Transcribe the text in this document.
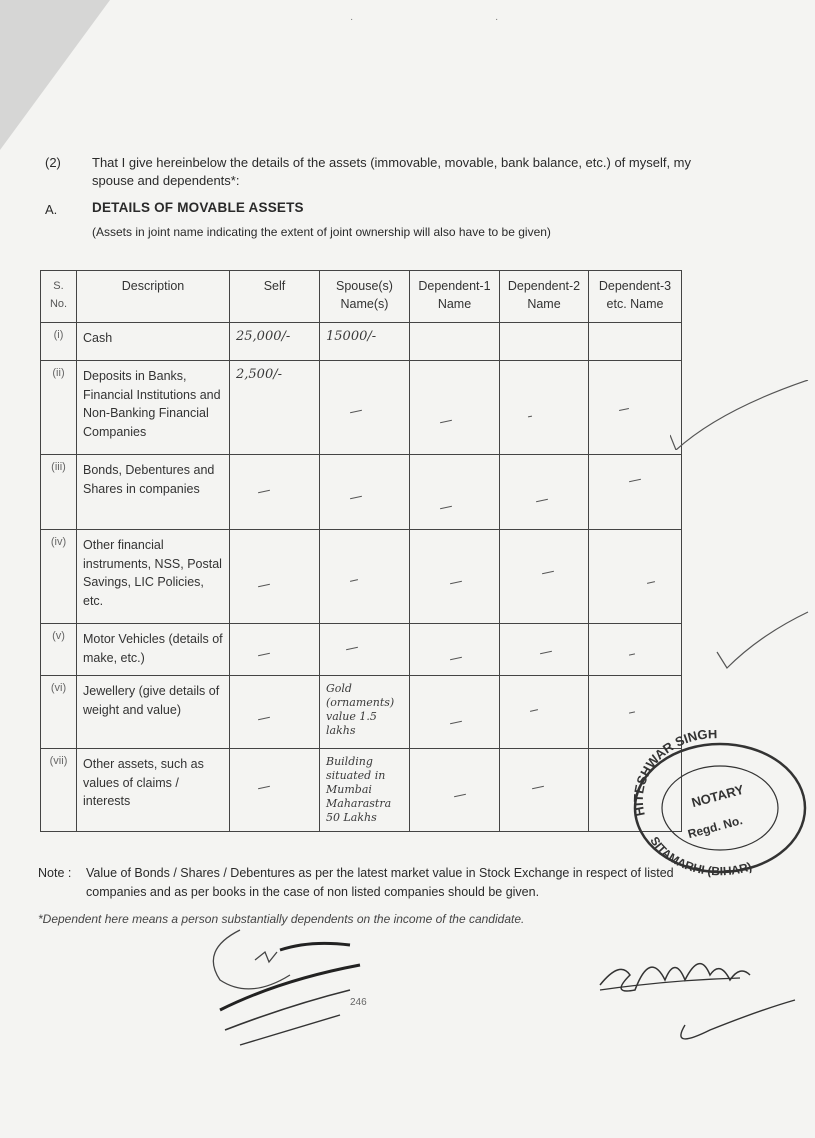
·                                                   ·
(2) That I give hereinbelow the details of the assets (immovable, movable, bank balance, etc.) of myself, my spouse and dependents*:
A.	DETAILS OF MOVABLE ASSETS
(Assets in joint name indicating the extent of joint ownership will also have to be given)
S. No.	Description	Self	Spouse(s) Name(s)	Dependent-1 Name	Dependent-2 Name	Dependent-3 etc. Name
(i)	Cash	25,000/-	15000/-			
(ii)	Deposits in Banks, Financial Institutions and Non-Banking Financial Companies	2,500/-	

(iii)	Bonds, Debentures and Shares in companies	

(iv)	Other financial instruments, NSS, Postal Savings, LIC Policies, etc.	

(v)	Motor Vehicles (details of make, etc.)	

(vi)	Jewellery (give details of weight and value)		Gold (ornaments) value 1.5 lakhs	

(vii)	Other assets, such as values of claims / interests		Building situated in Mumbai Maharastra 50 Lakhs	

Note : Value of Bonds / Shares / Debentures as per the latest market value in Stock Exchange in respect of listed companies and as per books in the case of non listed companies should be given.
*Dependent here means a person substantially dependents on the income of the candidate.
HITESHWAR SINGH
NOTARY
Regd. No.
SITAMARHI (BIHAR)
246
